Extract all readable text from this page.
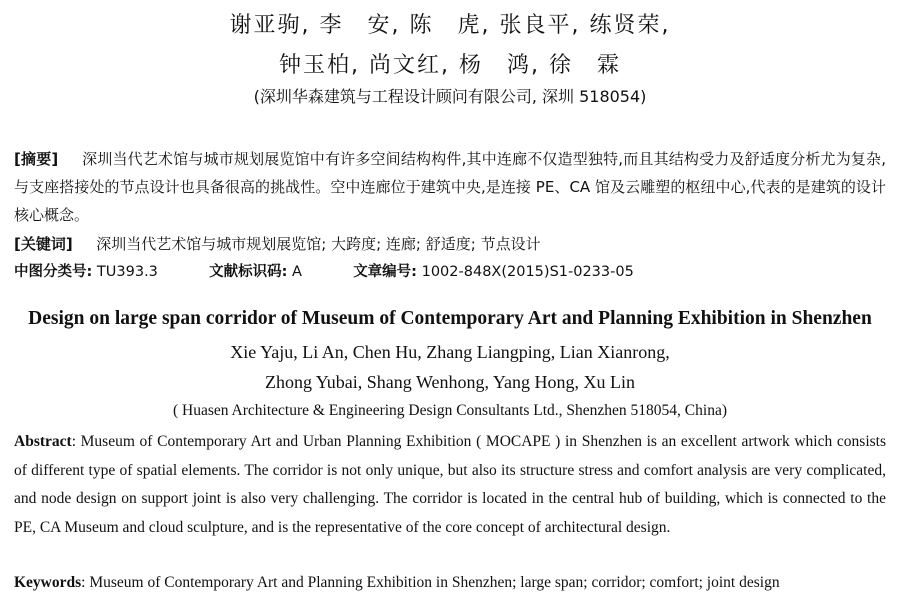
谢亚驹, 李　安, 陈　虎, 张良平, 练贤荣,
钟玉柏, 尚文红, 杨　鸿, 徐　霖
(深圳华森建筑与工程设计顾问有限公司, 深圳 518054)
[摘要] 深圳当代艺术馆与城市规划展览馆中有许多空间结构构件,其中连廊不仅造型独特,而且其结构受力及舒适度分析尤为复杂,与支座搭接处的节点设计也具备很高的挑战性。空中连廊位于建筑中央,是连接 PE、CA 馆及云雕塑的枢纽中心,代表的是建筑的设计核心概念。
[关键词] 深圳当代艺术馆与城市规划展览馆; 大跨度; 连廊; 舒适度; 节点设计
中图分类号: TU393.3	文献标识码: A	文章编号: 1002-848X(2015)S1-0233-05
Design on large span corridor of Museum of Contemporary Art and Planning Exhibition in Shenzhen
Xie Yaju, Li An, Chen Hu, Zhang Liangping, Lian Xianrong,
Zhong Yubai, Shang Wenhong, Yang Hong, Xu Lin
( Huasen Architecture & Engineering Design Consultants Ltd., Shenzhen 518054, China)
Abstract: Museum of Contemporary Art and Urban Planning Exhibition ( MOCAPE ) in Shenzhen is an excellent artwork which consists of different type of spatial elements. The corridor is not only unique, but also its structure stress and comfort analysis are very complicated, and node design on support joint is also very challenging. The corridor is located in the central hub of building, which is connected to the PE, CA Museum and cloud sculpture, and is the representative of the core concept of architectural design.
Keywords: Museum of Contemporary Art and Planning Exhibition in Shenzhen; large span; corridor; comfort; joint design
